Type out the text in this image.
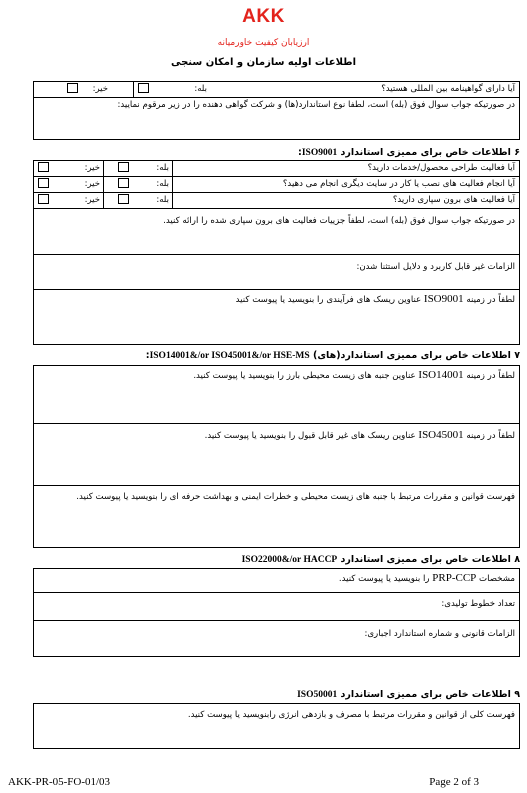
AKK
ارزیابان کیفیت خاورمیانه
اطلاعات اولیه سازمان و امکان سنجی
آیا دارای گواهینامه بین المللی هستید؟
بله:
خیر:
در صورتیکه جواب سوال فوق (بله) است، لطفا نوع استاندارد(ها) و شرکت گواهی دهنده را در زیر مرقوم نمایید:
۶ اطلاعات خاص برای ممیزی استاندارد ISO9001:
آیا فعالیت طراحی محصول/خدمات دارید؟
خیر:	بله:
آیا انجام فعالیت های نصب یا کار در سایت دیگری انجام می دهید؟
خیر:	بله:
آیا فعالیت های برون سپاری دارید؟
خیر:	بله:
در صورتیکه جواب سوال فوق (بله) است، لطفاً جزییات فعالیت های برون سپاری شده را ارائه کنید.
الزامات غیر قابل کاربرد و دلایل استثنا شدن:
لطفاً در زمینه ISO9001 عناوین ریسک های فرآیندی را بنویسید یا پیوست کنید
۷ اطلاعات خاص برای ممیزی استاندارد(های) ISO14001&/or ISO45001&/or HSE-MS:
لطفاً در زمینه ISO14001 عناوین جنبه های زیست محیطی بارز را بنویسید یا پیوست کنید.
لطفاً در زمینه ISO45001 عناوین ریسک های غیر قابل قبول را بنویسید یا پیوست کنید.
فهرست قوانین و مقررات مرتبط با جنبه های زیست محیطی و خطرات ایمنی و بهداشت حرفه ای را بنویسید یا پیوست کنید.
۸ اطلاعات خاص برای ممیزی استاندارد ISO22000&/or HACCP
مشخصات PRP-CCP را بنویسید یا پیوست کنید.
تعداد خطوط تولیدی:
الزامات قانونی و شماره استاندارد اجباری:
۹ اطلاعات خاص برای ممیزی استاندارد ISO50001
فهرست کلی از قوانین و مقررات مرتبط با مصرف و بازدهی انرژی رابنویسید یا پیوست کنید.
AKK-PR-05-FO-01/03	Page 2 of 3
